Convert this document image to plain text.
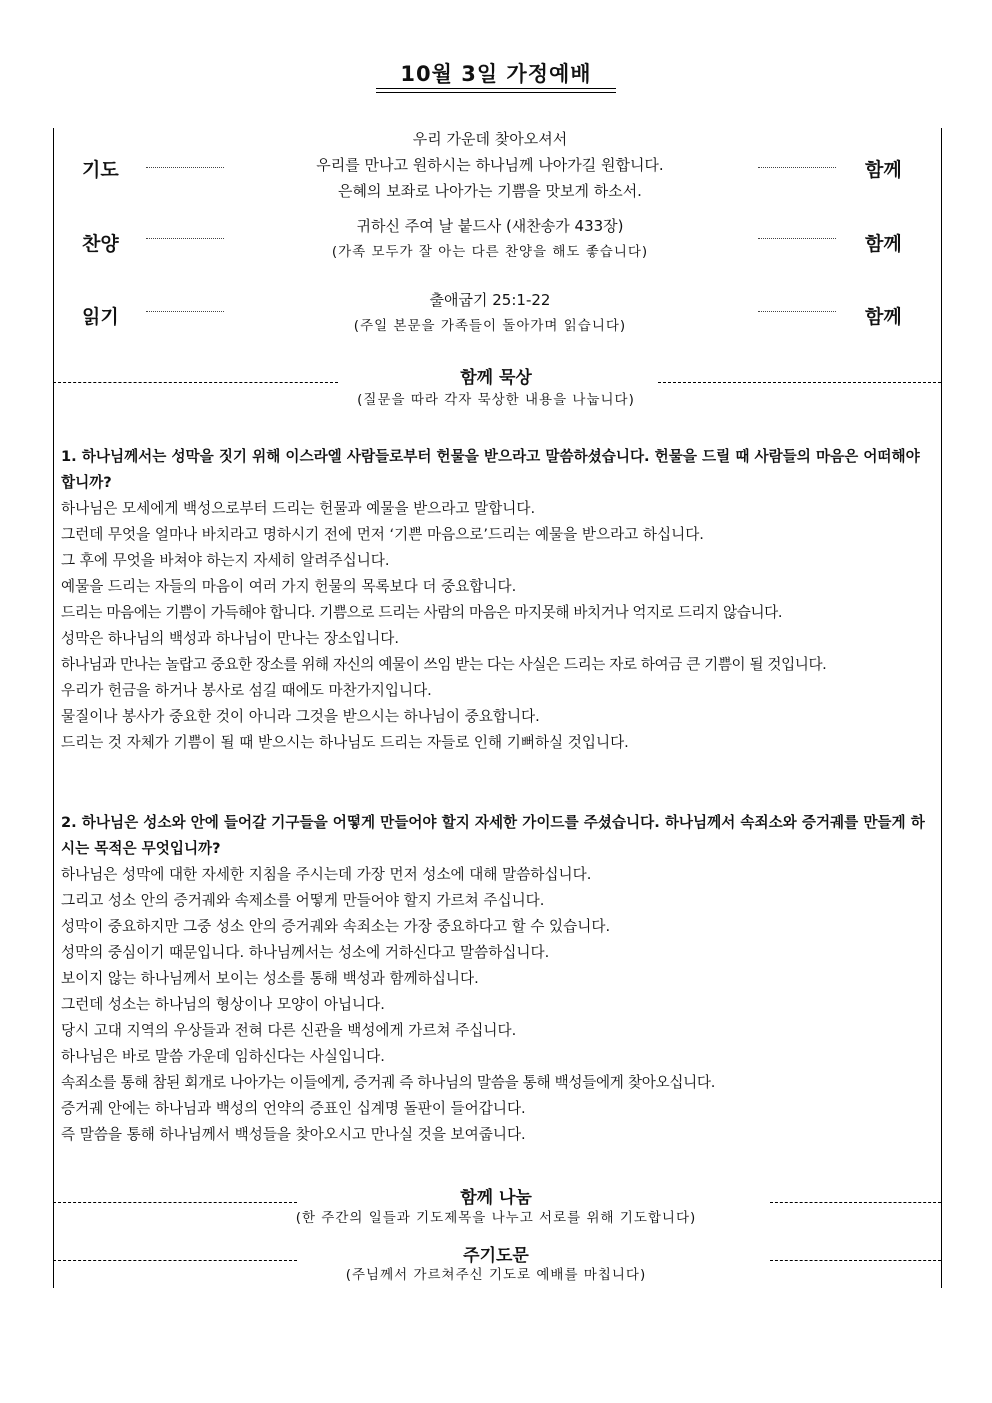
10월 3일 가정예배
기도
우리 가운데 찾아오셔서
우리를 만나고 원하시는 하나님께 나아가길 원합니다.
은혜의 보좌로 나아가는 기쁨을 맛보게 하소서.
함께
찬양
귀하신 주여 날 붙드사 (새찬송가 433장)
(가족 모두가 잘 아는 다른 찬양을 해도 좋습니다)	함께
읽기
출애굽기 25:1-22
(주일 본문을 가족들이 돌아가며 읽습니다)	함께
함께 묵상
(질문을 따라 각자 묵상한 내용을 나눕니다)

1. 하나님께서는 성막을 짓기 위해 이스라엘 사람들로부터 헌물을 받으라고 말씀하셨습니다. 헌물을 드릴 때 사람들의 마음은 어떠해야 합니까?

하나님은 모세에게 백성으로부터 드리는 헌물과 예물을 받으라고 말합니다.

그런데 무엇을 얼마나 바치라고 명하시기 전에 먼저 ‘기쁜 마음으로’드리는 예물을 받으라고 하십니다.

그 후에 무엇을 바쳐야 하는지 자세히 알려주십니다.

예물을 드리는 자들의 마음이 여러 가지 헌물의 목록보다 더 중요합니다.

드리는 마음에는 기쁨이 가득해야 합니다. 기쁨으로 드리는 사람의 마음은 마지못해 바치거나 억지로 드리지 않습니다.

성막은 하나님의 백성과 하나님이 만나는 장소입니다.

하나님과 만나는 놀랍고 중요한 장소를 위해 자신의 예물이 쓰임 받는 다는 사실은 드리는 자로 하여금 큰 기쁨이 될 것입니다.

우리가 헌금을 하거나 봉사로 섬길 때에도 마찬가지입니다.

물질이나 봉사가 중요한 것이 아니라 그것을 받으시는 하나님이 중요합니다.

드리는 것 자체가 기쁨이 될 때 받으시는 하나님도 드리는 자들로 인해 기뻐하실 것입니다.

2. 하나님은 성소와 안에 들어갈 기구들을 어떻게 만들어야 할지 자세한 가이드를 주셨습니다. 하나님께서 속죄소와 증거궤를 만들게 하시는 목적은 무엇입니까?

하나님은 성막에 대한 자세한 지침을 주시는데 가장 먼저 성소에 대해 말씀하십니다.

그리고 성소 안의 증거궤와 속제소를 어떻게 만들어야 할지 가르쳐 주십니다.

성막이 중요하지만 그중 성소 안의 증거궤와 속죄소는 가장 중요하다고 할 수 있습니다.

성막의 중심이기 때문입니다. 하나님께서는 성소에 거하신다고 말씀하십니다.

보이지 않는 하나님께서 보이는 성소를 통해 백성과 함께하십니다.

그런데 성소는 하나님의 형상이나 모양이 아닙니다.

당시 고대 지역의 우상들과 전혀 다른 신관을 백성에게 가르쳐 주십니다.

하나님은 바로 말씀 가운데 임하신다는 사실입니다.

속죄소를 통해 참된 회개로 나아가는 이들에게, 증거궤 즉 하나님의 말씀을 통해 백성들에게 찾아오십니다.

증거궤 안에는 하나님과 백성의 언약의 증표인 십계명 돌판이 들어갑니다.

즉 말씀을 통해 하나님께서 백성들을 찾아오시고 만나실 것을 보여줍니다.

함께 나눔
(한 주간의 일들과 기도제목을 나누고 서로를 위해 기도합니다)
주기도문
(주님께서 가르쳐주신 기도로 예배를 마칩니다)
